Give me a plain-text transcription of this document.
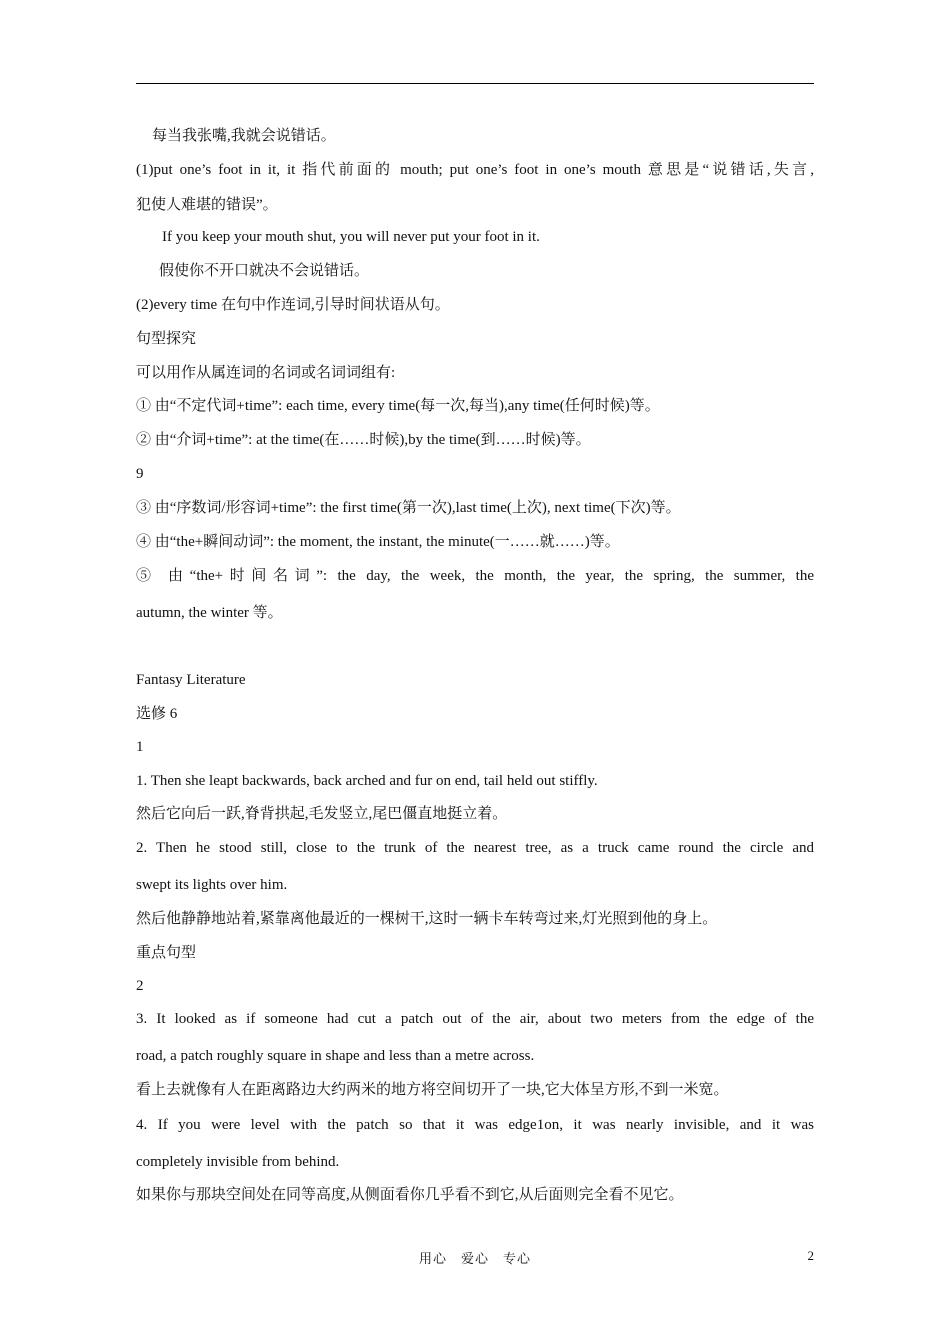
每当我张嘴,我就会说错话。
(1)put one’s foot in it, it 指代前面的 mouth; put one’s foot in one’s mouth 意思是“说错话,失言,
犯使人难堪的错误”。
If you keep your mouth shut, you will never put your foot in it.
假使你不开口就决不会说错话。
(2)every time 在句中作连词,引导时间状语从句。
句型探究
可以用作从属连词的名词或名词词组有:
① 由“不定代词+time”: each time, every time(每一次,每当),any time(任何时候)等。
② 由“介词+time”: at the time(在……时候),by the time(到……时候)等。
9
③ 由“序数词/形容词+time”: the first time(第一次),last time(上次), next time(下次)等。
④ 由“the+瞬间动词”: the moment, the instant, the minute(一……就……)等。
⑤ 由“the+时间名词”: the day, the week, the month, the year, the spring, the summer, the
autumn, the winter 等。
Fantasy Literature
选修 6
1
1. Then she leapt backwards, back arched and fur on end, tail held out stiffly.
然后它向后一跃,脊背拱起,毛发竖立,尾巴僵直地挺立着。
2. Then he stood still, close to the trunk of the nearest tree, as a truck came round the circle and
swept its lights over him.
然后他静静地站着,紧靠离他最近的一棵树干,这时一辆卡车转弯过来,灯光照到他的身上。
重点句型
2
3. It looked as if someone had cut a patch out of the air, about two meters from the edge of the
road, a patch roughly square in shape and less than a metre across.
看上去就像有人在距离路边大约两米的地方将空间切开了一块,它大体呈方形,不到一米宽。
4. If you were level with the patch so that it was edge1on, it was nearly invisible, and it was
completely invisible from behind.
如果你与那块空间处在同等高度,从侧面看你几乎看不到它,从后面则完全看不见它。
用心　爱心　专心	2
